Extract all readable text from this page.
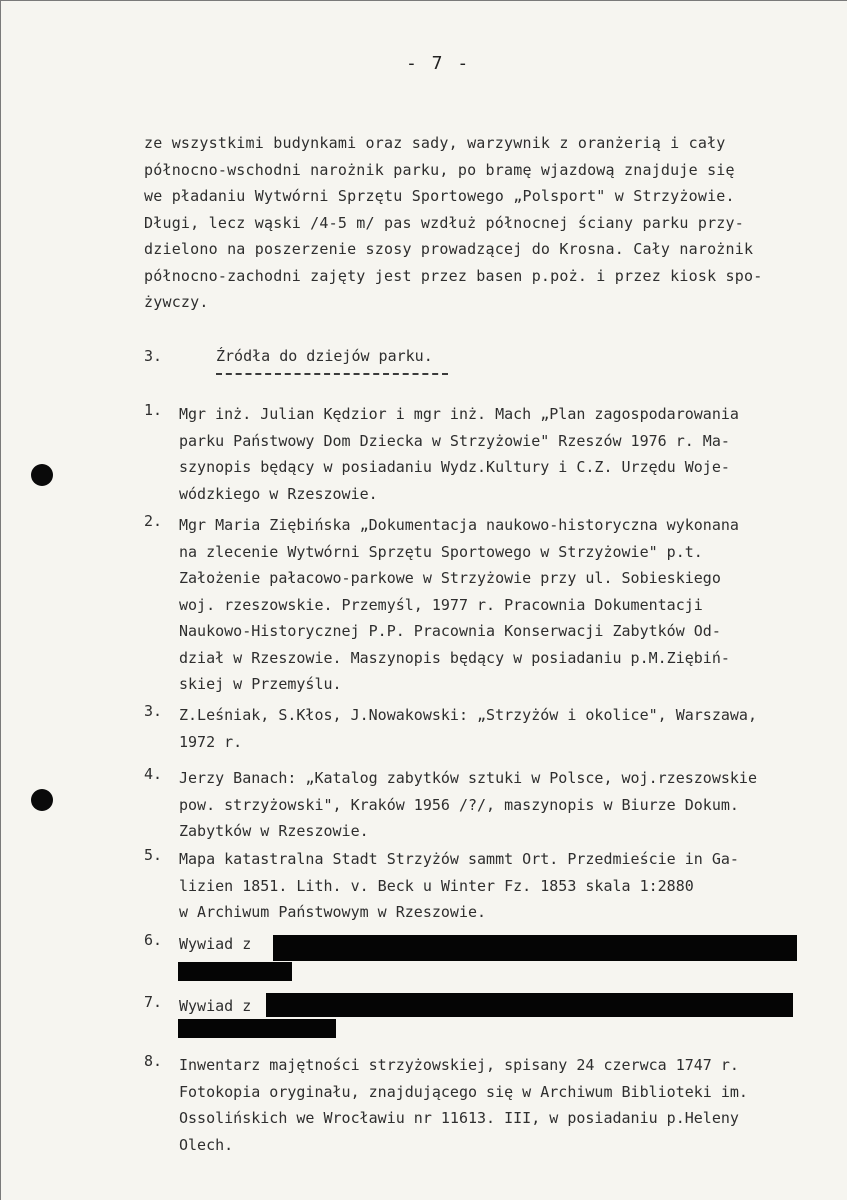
- 7 -
ze wszystkimi budynkami oraz sady, warzywnik z oranżerią i cały
północno-wschodni narożnik parku, po bramę wjazdową znajduje się
we pładaniu Wytwórni Sprzętu Sportowego „Polsport" w Strzyżowie.
Długi, lecz wąski /4-5 m/ pas wzdłuż północnej ściany parku przy-
dzielono na poszerzenie szosy prowadzącej do Krosna. Cały narożnik
północno-zachodni zajęty jest przez basen p.poż. i przez kiosk spo-
żywczy.
3.	Źródła do dziejów parku.
1. Mgr inż. Julian Kędzior i mgr inż. Mach „Plan zagospodarowania
parku Państwowy Dom Dziecka w Strzyżowie" Rzeszów 1976 r. Ma-
szynopis będący w posiadaniu Wydz.Kultury i C.Z. Urzędu Woje-
wódzkiego w Rzeszowie.
2. Mgr Maria Ziębińska „Dokumentacja naukowo-historyczna wykonana
na zlecenie Wytwórni Sprzętu Sportowego w Strzyżowie" p.t.
Założenie pałacowo-parkowe w Strzyżowie przy ul. Sobieskiego
woj. rzeszowskie. Przemyśl, 1977 r. Pracownia Dokumentacji
Naukowo-Historycznej P.P. Pracownia Konserwacji Zabytków Od-
dział w Rzeszowie. Maszynopis będący w posiadaniu p.M.Ziębiń-
skiej w Przemyślu.
3. Z.Leśniak, S.Kłos, J.Nowakowski: „Strzyżów i okolice", Warszawa,
1972 r.
4. Jerzy Banach: „Katalog zabytków sztuki w Polsce, woj.rzeszowskie
pow. strzyżowski", Kraków 1956 /?/, maszynopis w Biurze Dokum.
Zabytków w Rzeszowie.
5. Mapa katastralna Stadt Strzyżów sammt Ort. Przedmieście in Ga-
lizien 1851. Lith. v. Beck u Winter Fz. 1853 skala 1:2880
w Archiwum Państwowym w Rzeszowie.
6. Wywiad z
7. Wywiad z
8. Inwentarz majętności strzyżowskiej, spisany 24 czerwca 1747 r.
Fotokopia oryginału, znajdującego się w Archiwum Biblioteki im.
Ossolińskich we Wrocławiu nr 11613. III, w posiadaniu p.Heleny
Olech.
